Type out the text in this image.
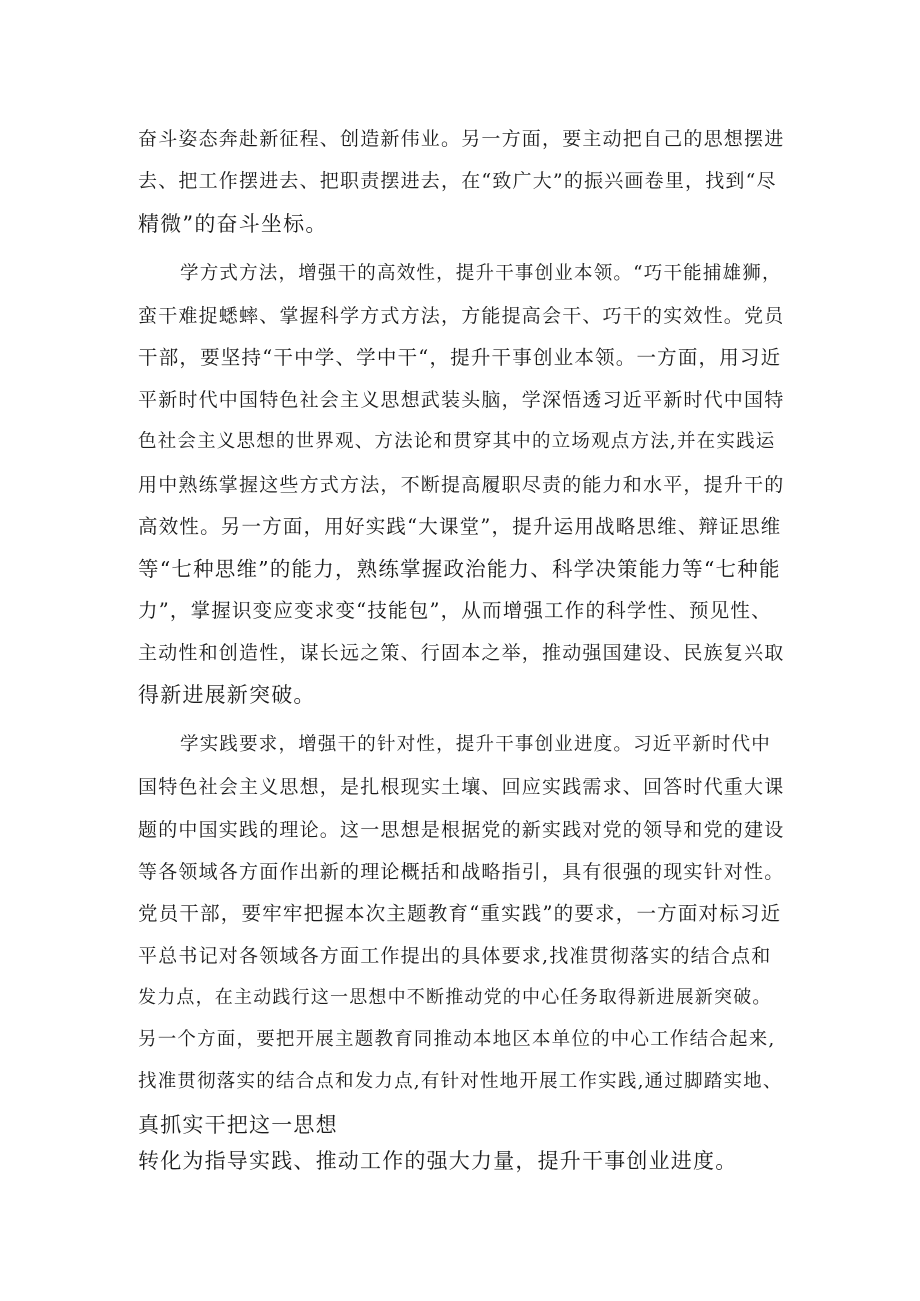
奋斗姿态奔赴新征程、创造新伟业。另一方面，要主动把自己的思想摆进

去、把工作摆进去、把职责摆进去，在“致广大”的振兴画卷里，找到“尽

精微”的奋斗坐标。

学方式方法，增强干的高效性，提升干事创业本领。“巧干能捕雄狮，

蛮干难捉蟋蟀、掌握科学方式方法，方能提高会干、巧干的实效性。党员

干部，要坚持“干中学、学中干“，提升干事创业本领。一方面，用习近

平新时代中国特色社会主义思想武装头脑，学深悟透习近平新时代中国特

色社会主义思想的世界观、方法论和贯穿其中的立场观点方法,并在实践运

用中熟练掌握这些方式方法，不断提高履职尽责的能力和水平，提升干的

高效性。另一方面，用好实践“大课堂”，提升运用战略思维、辩证思维

等“七种思维”的能力，熟练掌握政治能力、科学决策能力等“七种能

力”，掌握识变应变求变“技能包”，从而增强工作的科学性、预见性、

主动性和创造性，谋长远之策、行固本之举，推动强国建设、民族复兴取

得新进展新突破。

学实践要求，增强干的针对性，提升干事创业进度。习近平新时代中

国特色社会主义思想，是扎根现实土壤、回应实践需求、回答时代重大课

题的中国实践的理论。这一思想是根据党的新实践对党的领导和党的建设

等各领域各方面作出新的理论概括和战略指引，具有很强的现实针对性。

党员干部，要牢牢把握本次主题教育“重实践”的要求，一方面对标习近

平总书记对各领域各方面工作提出的具体要求,找准贯彻落实的结合点和

发力点，在主动践行这一思想中不断推动党的中心任务取得新进展新突破。

另一个方面，要把开展主题教育同推动本地区本单位的中心工作结合起来,

找准贯彻落实的结合点和发力点,有针对性地开展工作实践,通过脚踏实地、

真抓实干把这一思想

转化为指导实践、推动工作的强大力量，提升干事创业进度。
